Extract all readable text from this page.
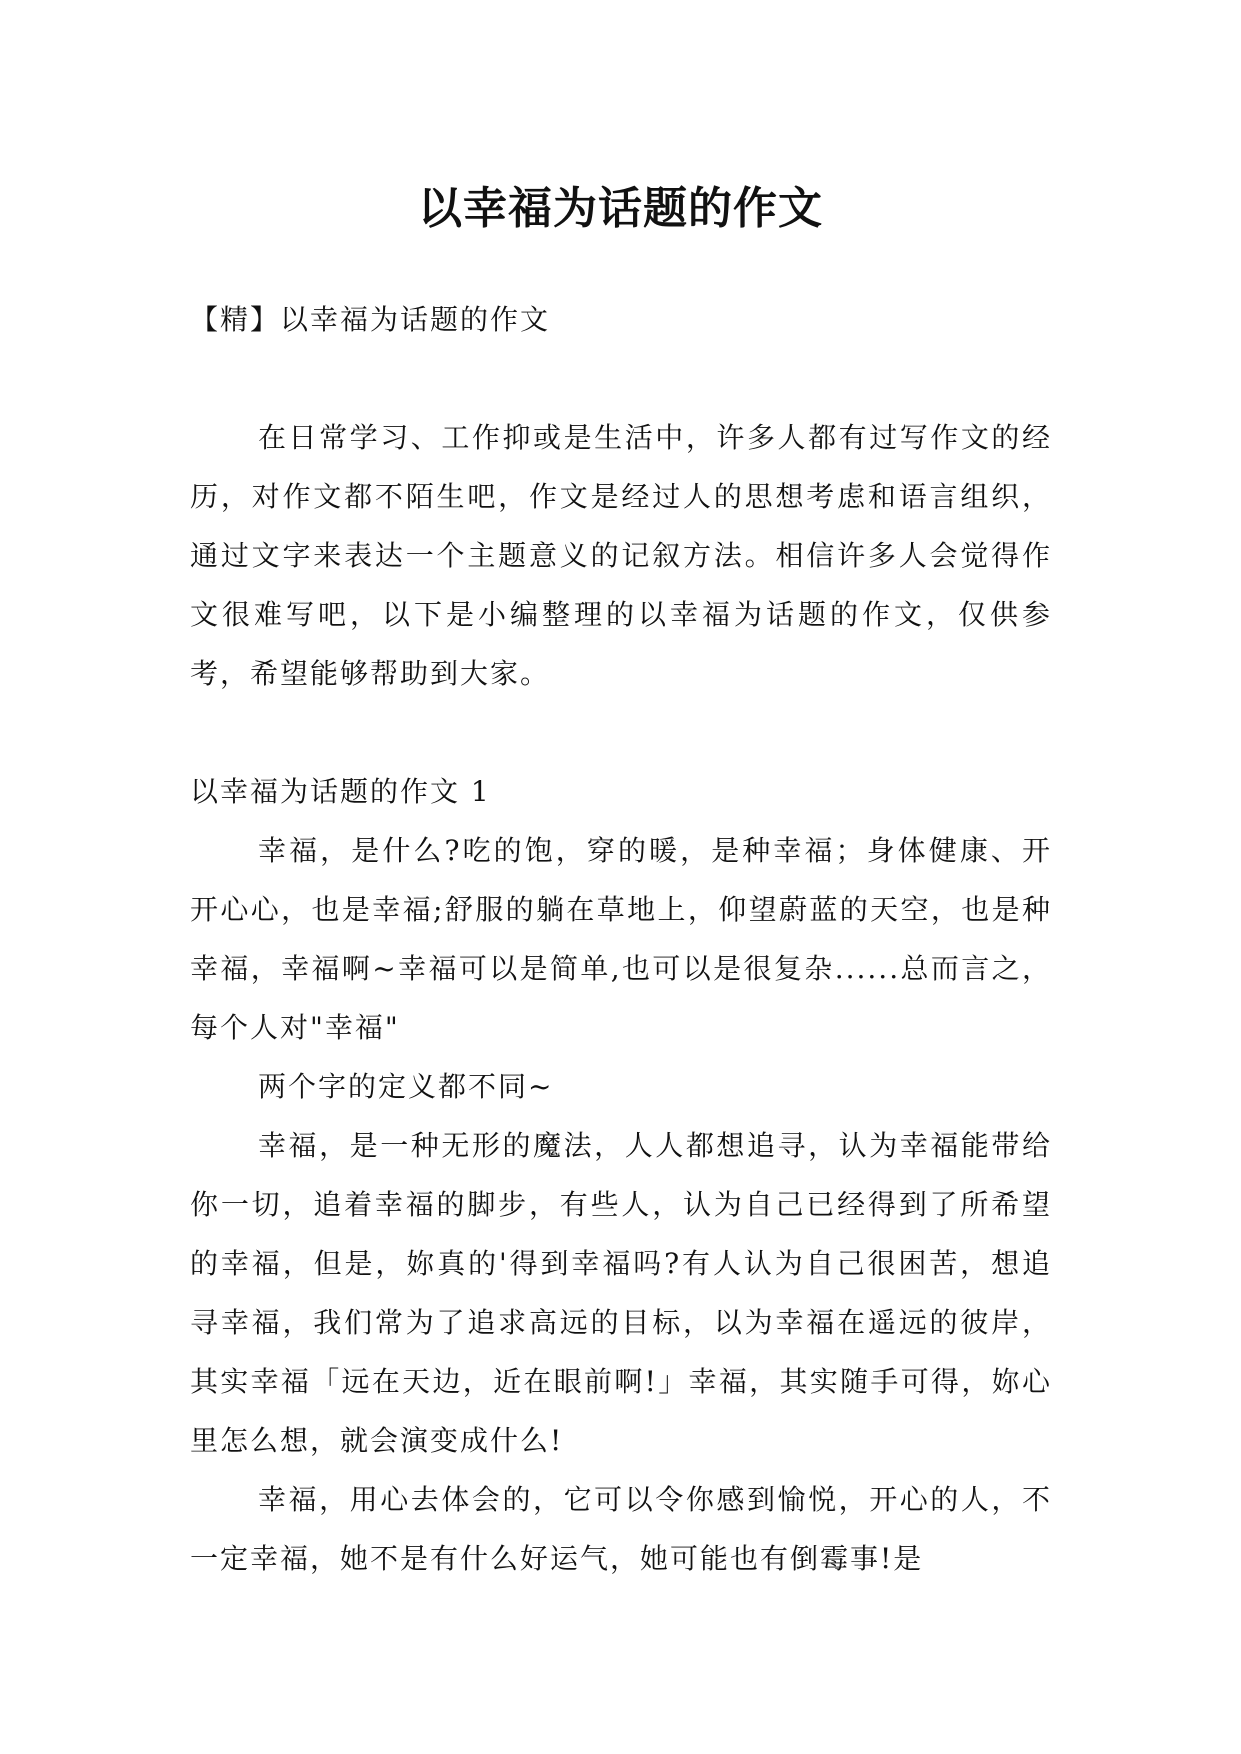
以幸福为话题的作文

【精】以幸福为话题的作文

在日常学习、工作抑或是生活中，许多人都有过写作文的经历，对作文都不陌生吧，作文是经过人的思想考虑和语言组织，通过文字来表达一个主题意义的记叙方法。相信许多人会觉得作文很难写吧，以下是小编整理的以幸福为话题的作文，仅供参考，希望能够帮助到大家。

以幸福为话题的作文 1

幸福，是什么?吃的饱，穿的暖，是种幸福；身体健康、开开心心，也是幸福;舒服的躺在草地上，仰望蔚蓝的天空，也是种幸福，幸福啊~幸福可以是简单,也可以是很复杂......总而言之，每个人对"幸福"

两个字的定义都不同~

幸福，是一种无形的魔法，人人都想追寻，认为幸福能带给你一切，追着幸福的脚步，有些人，认为自己已经得到了所希望的幸福，但是，妳真的'得到幸福吗?有人认为自己很困苦，想追寻幸福，我们常为了追求高远的目标，以为幸福在遥远的彼岸，其实幸福「远在天边，近在眼前啊!」幸福，其实随手可得，妳心里怎么想，就会演变成什么!

幸福，用心去体会的，它可以令你感到愉悦，开心的人，不一定幸福，她不是有什么好运气，她可能也有倒霉事!是
